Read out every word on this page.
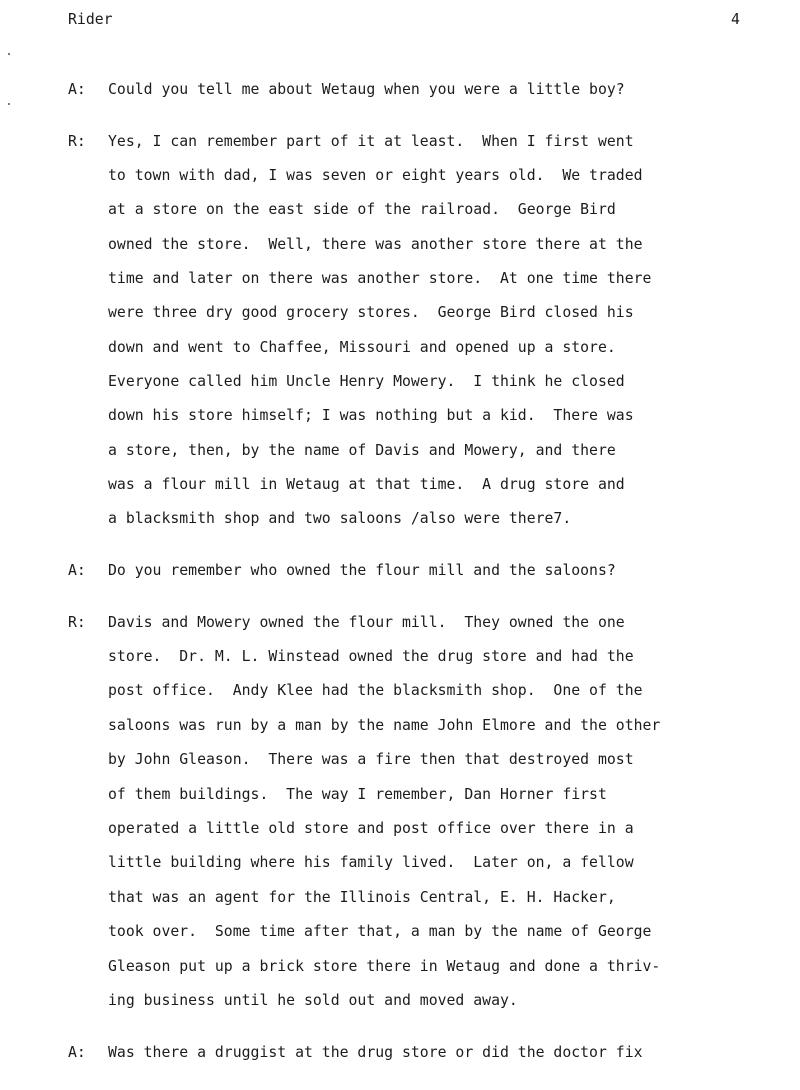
Rider	4
A: Could you tell me about Wetaug when you were a little boy?
R: Yes, I can remember part of it at least.  When I first went
to town with dad, I was seven or eight years old.  We traded
at a store on the east side of the railroad.  George Bird
owned the store.  Well, there was another store there at the
time and later on there was another store.  At one time there
were three dry good grocery stores.  George Bird closed his
down and went to Chaffee, Missouri and opened up a store.
Everyone called him Uncle Henry Mowery.  I think he closed
down his store himself; I was nothing but a kid.  There was
a store, then, by the name of Davis and Mowery, and there
was a flour mill in Wetaug at that time.  A drug store and
a blacksmith shop and two saloons /also were there7.
A: Do you remember who owned the flour mill and the saloons?
R: Davis and Mowery owned the flour mill.  They owned the one
store.  Dr. M. L. Winstead owned the drug store and had the
post office.  Andy Klee had the blacksmith shop.  One of the
saloons was run by a man by the name John Elmore and the other
by John Gleason.  There was a fire then that destroyed most
of them buildings.  The way I remember, Dan Horner first
operated a little old store and post office over there in a
little building where his family lived.  Later on, a fellow
that was an agent for the Illinois Central, E. H. Hacker,
took over.  Some time after that, a man by the name of George
Gleason put up a brick store there in Wetaug and done a thriv-
ing business until he sold out and moved away.
A: Was there a druggist at the drug store or did the doctor fix
